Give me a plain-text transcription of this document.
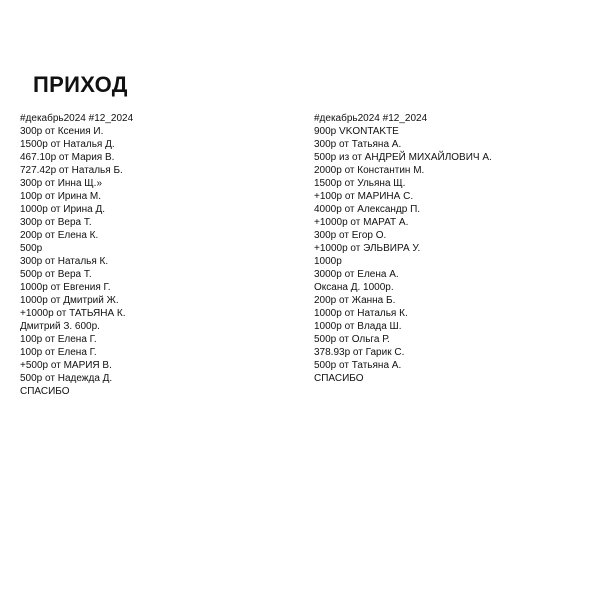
ПРИХОД
#декабрь2024 #12_2024
300р от Ксения И.
1500р от Наталья Д.
467.10р от Мария В.
727.42р от Наталья Б.
300р от Инна Щ.»
100р от Ирина М.
1000р от Ирина Д.
300р от Вера Т.
200р от Елена К.
500р
300р от Наталья К.
500р от Вера Т.
1000р от Евгения Г.
1000р от Дмитрий Ж.
+1000р от ТАТЬЯНА К.
Дмитрий З. 600р.
100р от Елена Г.
100р от Елена Г.
+500р от МАРИЯ В.
500р от Надежда Д.
СПАСИБО
#декабрь2024 #12_2024
900р VKONTAKTE
300р от Татьяна А.
500р из от АНДРЕЙ МИХАЙЛОВИЧ А.
2000р от Константин М.
1500р от Ульяна Щ.
+100р от МАРИНА С.
4000р от Александр П.
+1000р от МАРАТ А.
300р от Егор О.
+1000р от ЭЛЬВИРА У.
1000р
3000р от Елена А.
Оксана Д. 1000р.
200р от Жанна Б.
1000р от Наталья К.
1000р от Влада Ш.
500р от Ольга Р.
378.93р от Гарик С.
500р от Татьяна А.
СПАСИБО
